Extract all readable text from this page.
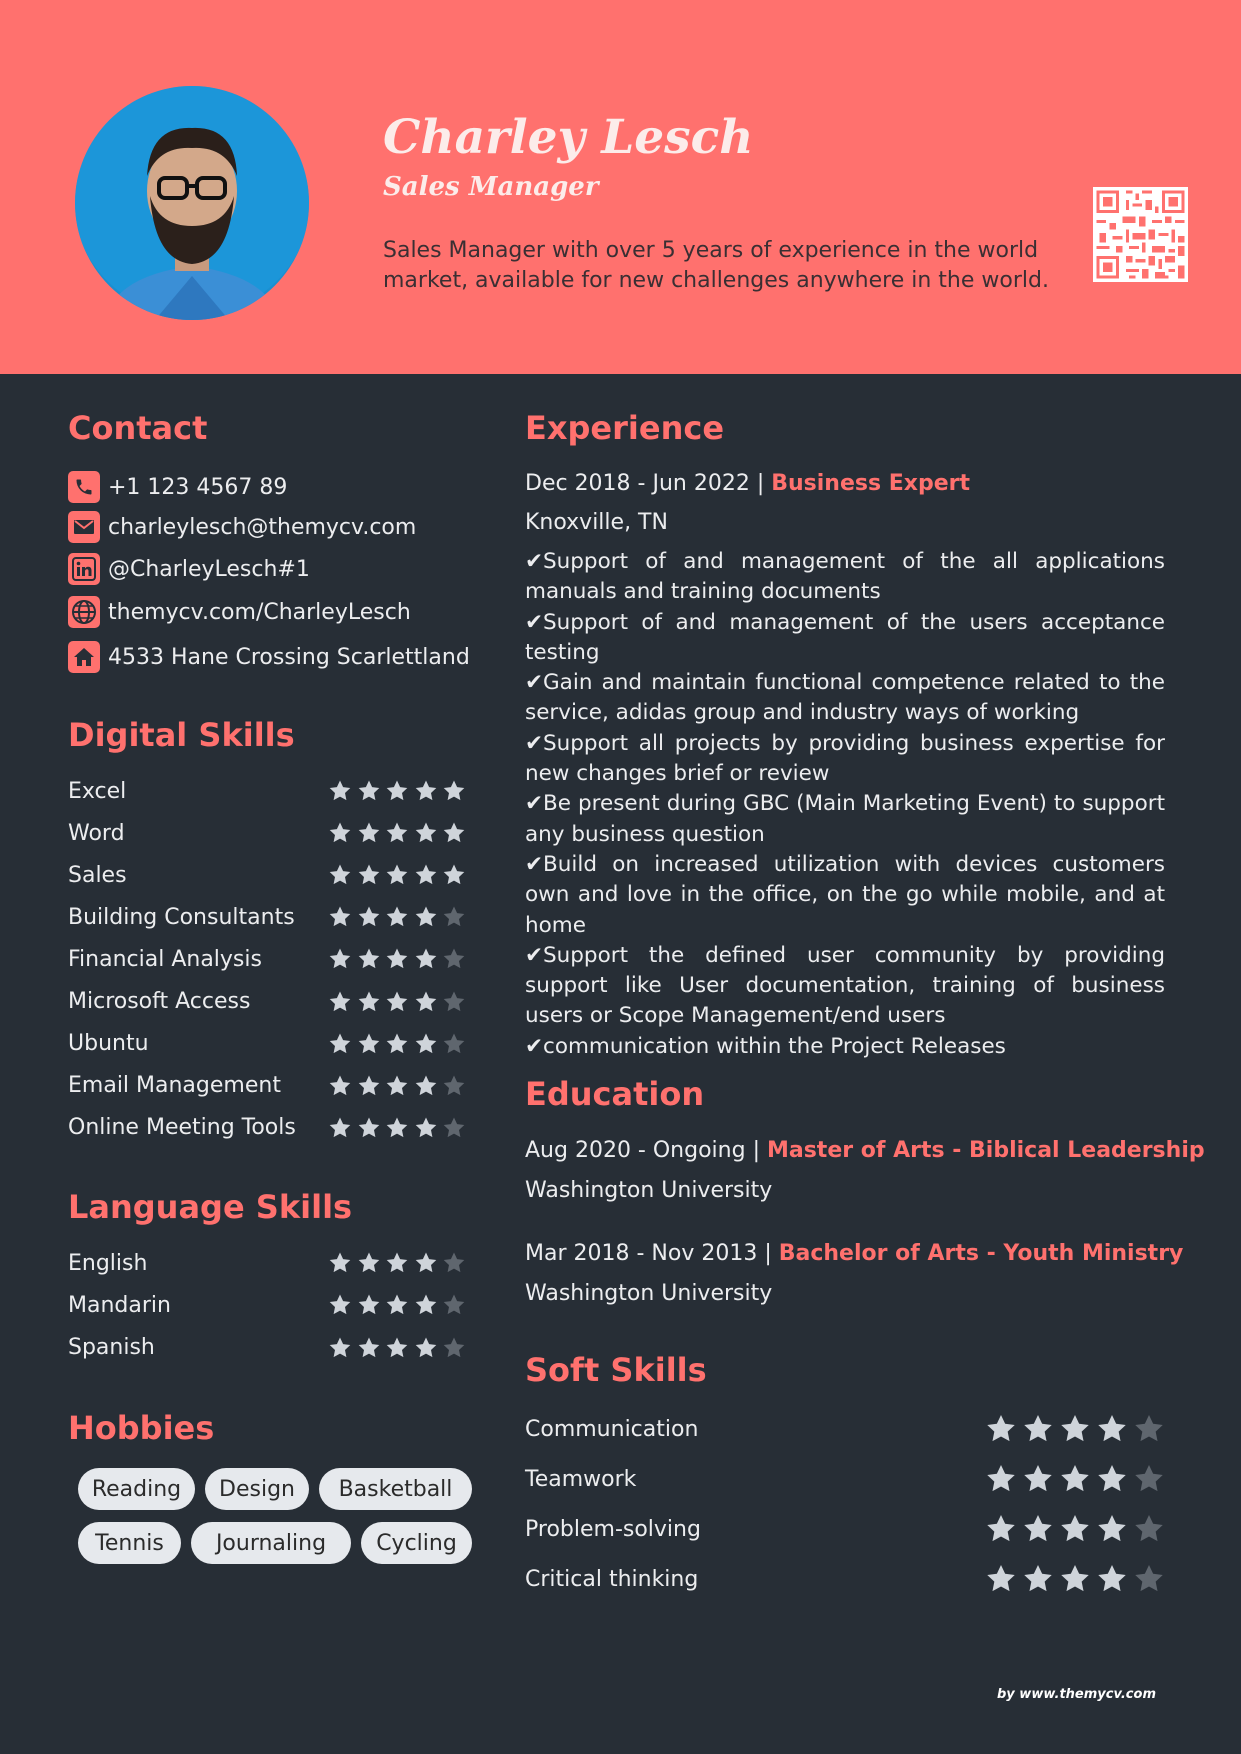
Charley Lesch
Sales Manager
Sales Manager with over 5 years of experience in the world market, available for new challenges anywhere in the world.
Contact
+1 123 4567 89
charleylesch@themycv.com
@CharleyLesch#1
themycv.com/CharleyLesch
4533 Hane Crossing Scarlettland
Digital Skills
Excel
Word
Sales
Building Consultants
Financial Analysis
Microsoft Access
Ubuntu
Email Management
Online Meeting Tools
Language Skills
English
Mandarin
Spanish
Hobbies
Reading	Design	Basketball
Tennis	Journaling	Cycling
Experience
Dec 2018 - Jun 2022 | Business Expert
Knoxville, TN

✔Support of and management of the all applications manuals and training documents

✔Support of and management of the users acceptance testing

✔Gain and maintain functional competence related to the service, adidas group and industry ways of working

✔Support all projects by providing business expertise for new changes brief or review

✔Be present during GBC (Main Marketing Event) to support any business question

✔Build on increased utilization with devices customers own and love in the office, on the go while mobile, and at home

✔Support the defined user community by providing support like User documentation, training of business users or Scope Management/end users

✔communication within the Project Releases

Education
Aug 2020 - Ongoing | Master of Arts - Biblical Leadership
Washington University
Mar 2018 - Nov 2013 | Bachelor of Arts - Youth Ministry
Washington University
Soft Skills
Communication
Teamwork
Problem-solving
Critical thinking
by www.themycv.com
